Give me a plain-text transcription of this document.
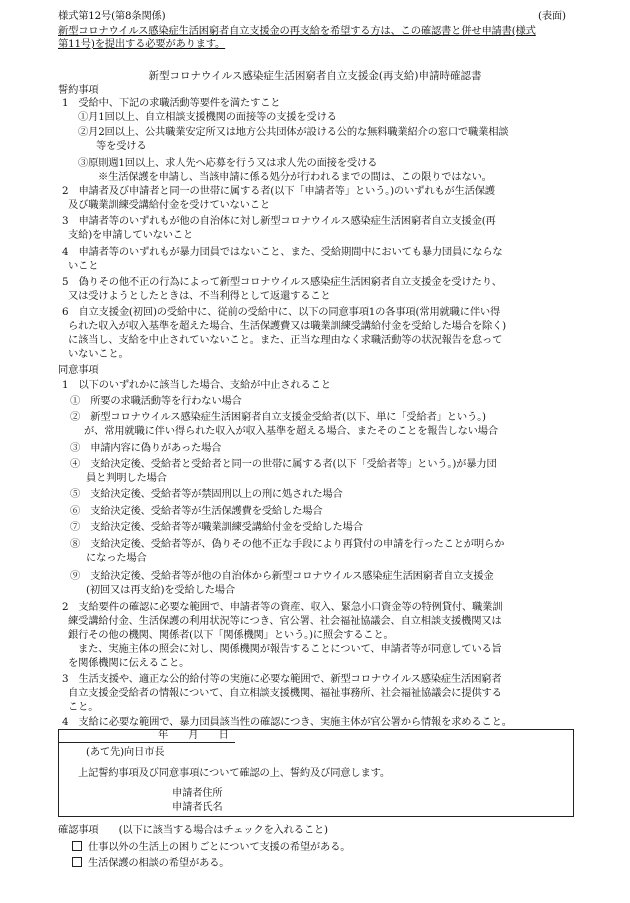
様式第12号(第8条関係)	(表面)
新型コロナウイルス感染症生活困窮者自立支援金の再支給を希望する方は、この確認書と併せ申請書(様式
第11号)を提出する必要があります。
新型コロナウイルス感染症生活困窮者自立支援金(再支給)申請時確認書
誓約事項
1　受給中、下記の求職活動等要件を満たすこと
①月1回以上、自立相談支援機関の面接等の支援を受ける
②月2回以上、公共職業安定所又は地方公共団体が設ける公的な無料職業紹介の窓口で職業相談
等を受ける
③原則週1回以上、求人先へ応募を行う又は求人先の面接を受ける
※生活保護を申請し、当該申請に係る処分が行われるまでの間は、この限りではない。
2　申請者及び申請者と同一の世帯に属する者(以下「申請者等」という。)のいずれもが生活保護
及び職業訓練受講給付金を受けていないこと
3　申請者等のいずれもが他の自治体に対し新型コロナウイルス感染症生活困窮者自立支援金(再
支給)を申請していないこと
4　申請者等のいずれもが暴力団員ではないこと、また、受給期間中においても暴力団員にならな
いこと
5　偽りその他不正の行為によって新型コロナウイルス感染症生活困窮者自立支援金を受けたり、
又は受けようとしたときは、不当利得として返還すること
6　自立支援金(初回)の受給中に、従前の受給中に、以下の同意事項1の各事項(常用就職に伴い得
られた収入が収入基準を超えた場合、生活保護費又は職業訓練受講給付金を受給した場合を除く)
に該当し、支給を中止されていないこと。また、正当な理由なく求職活動等の状況報告を怠って
いないこと。
同意事項
1　以下のいずれかに該当した場合、支給が中止されること
①　所要の求職活動等を行わない場合
②　新型コロナウイルス感染症生活困窮者自立支援金受給者(以下、単に「受給者」という。)
が、常用就職に伴い得られた収入が収入基準を超える場合、またそのことを報告しない場合
③　申請内容に偽りがあった場合
④　支給決定後、受給者と受給者と同一の世帯に属する者(以下「受給者等」という。)が暴力団
員と判明した場合
⑤　支給決定後、受給者等が禁固刑以上の刑に処された場合
⑥　支給決定後、受給者等が生活保護費を受給した場合
⑦　支給決定後、受給者等が職業訓練受講給付金を受給した場合
⑧　支給決定後、受給者等が、偽りその他不正な手段により再貸付の申請を行ったことが明らか
になった場合
⑨　支給決定後、受給者等が他の自治体から新型コロナウイルス感染症生活困窮者自立支援金
(初回又は再支給)を受給した場合
2　支給要件の確認に必要な範囲で、申請者等の資産、収入、緊急小口資金等の特例貸付、職業訓
練受講給付金、生活保護の利用状況等につき、官公署、社会福祉協議会、自立相談支援機関又は
銀行その他の機関、関係者(以下「関係機関」という。)に照会すること。
また、実施主体の照会に対し、関係機関が報告することについて、申請者等が同意している旨
を関係機関に伝えること。
3　生活支援や、適正な公的給付等の実施に必要な範囲で、新型コロナウイルス感染症生活困窮者
自立支援金受給者の情報について、自立相談支援機関、福祉事務所、社会福祉協議会に提供する
こと。
4　支給に必要な範囲で、暴力団員該当性の確認につき、実施主体が官公署から情報を求めること。
年　　月　　日
(あて先)向日市長
上記誓約事項及び同意事項について確認の上、誓約及び同意します。
申請者住所
申請者氏名
確認事項　　(以下に該当する場合はチェックを入れること)
仕事以外の生活上の困りごとについて支援の希望がある。
生活保護の相談の希望がある。
